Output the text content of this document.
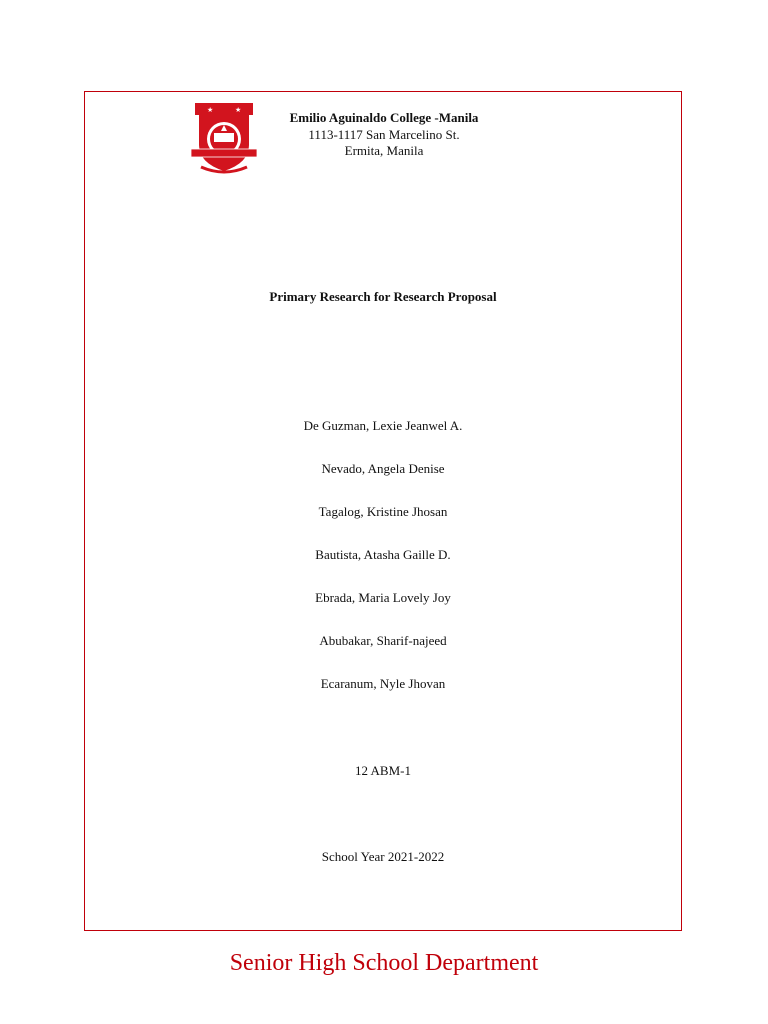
★	★	Emilio Aguinaldo College -Manila
1113-1117 San Marcelino St.
Ermita, Manila
Primary Research for Research Proposal
De Guzman, Lexie Jeanwel A.
Nevado, Angela Denise
Tagalog, Kristine Jhosan
Bautista, Atasha Gaille D.
Ebrada, Maria Lovely Joy
Abubakar, Sharif-najeed
Ecaranum, Nyle Jhovan
12 ABM-1
School Year 2021-2022
Senior High School Department
